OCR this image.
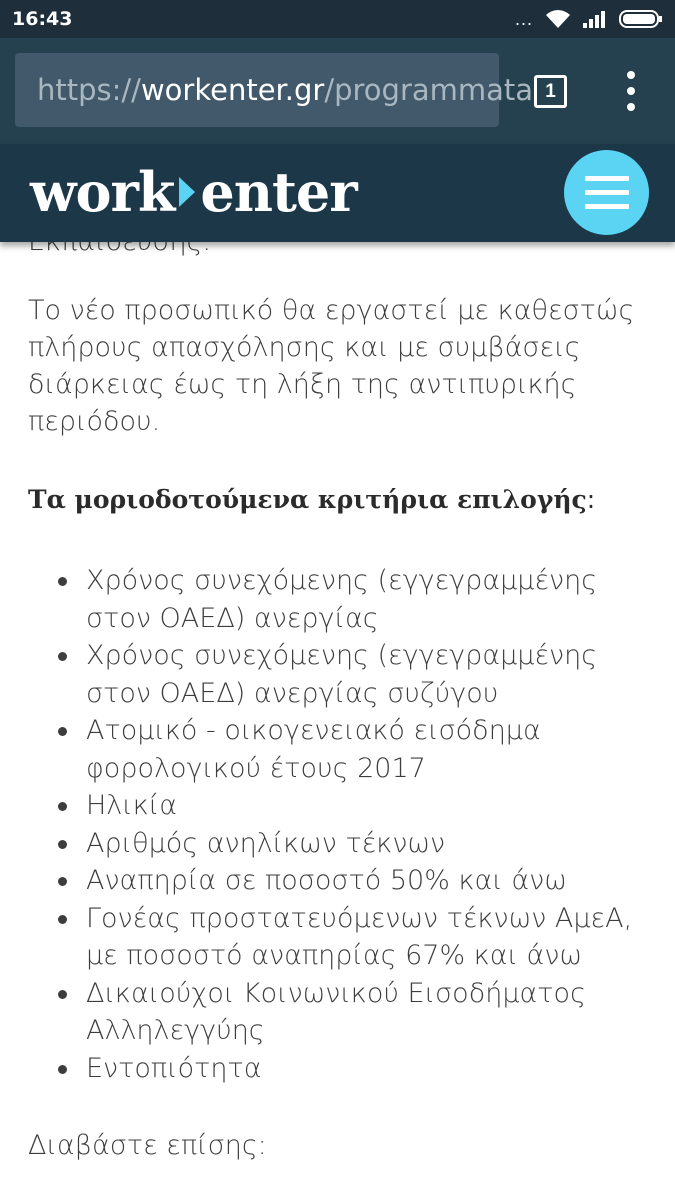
16:43	...
https:// workenter.gr /programmata 1
work enter

Το νέο προσωπικό θα εργαστεί με καθεστώς πλήρους απασχόλησης και με συμβάσεις διάρκειας έως τη λήξη της αντιπυρικής περιόδου.

Τα μοριοδοτούμενα κριτήρια επιλογής:
Χρόνος συνεχόμενης (εγγεγραμμένης στον ΟΑΕΔ) ανεργίας
Χρόνος συνεχόμενης (εγγεγραμμένης στον ΟΑΕΔ) ανεργίας συζύγου
Ατομικό - οικογενειακό εισόδημα φορολογικού έτους 2017
Ηλικία
Αριθμός ανηλίκων τέκνων
Αναπηρία σε ποσοστό 50% και άνω
Γονέας προστατευόμενων τέκνων ΑμεΑ, με ποσοστό αναπηρίας 67% και άνω
Δικαιούχοι Κοινωνικού Εισοδήματος Αλληλεγγύης
Εντοπιότητα
Διαβάστε επίσης:
